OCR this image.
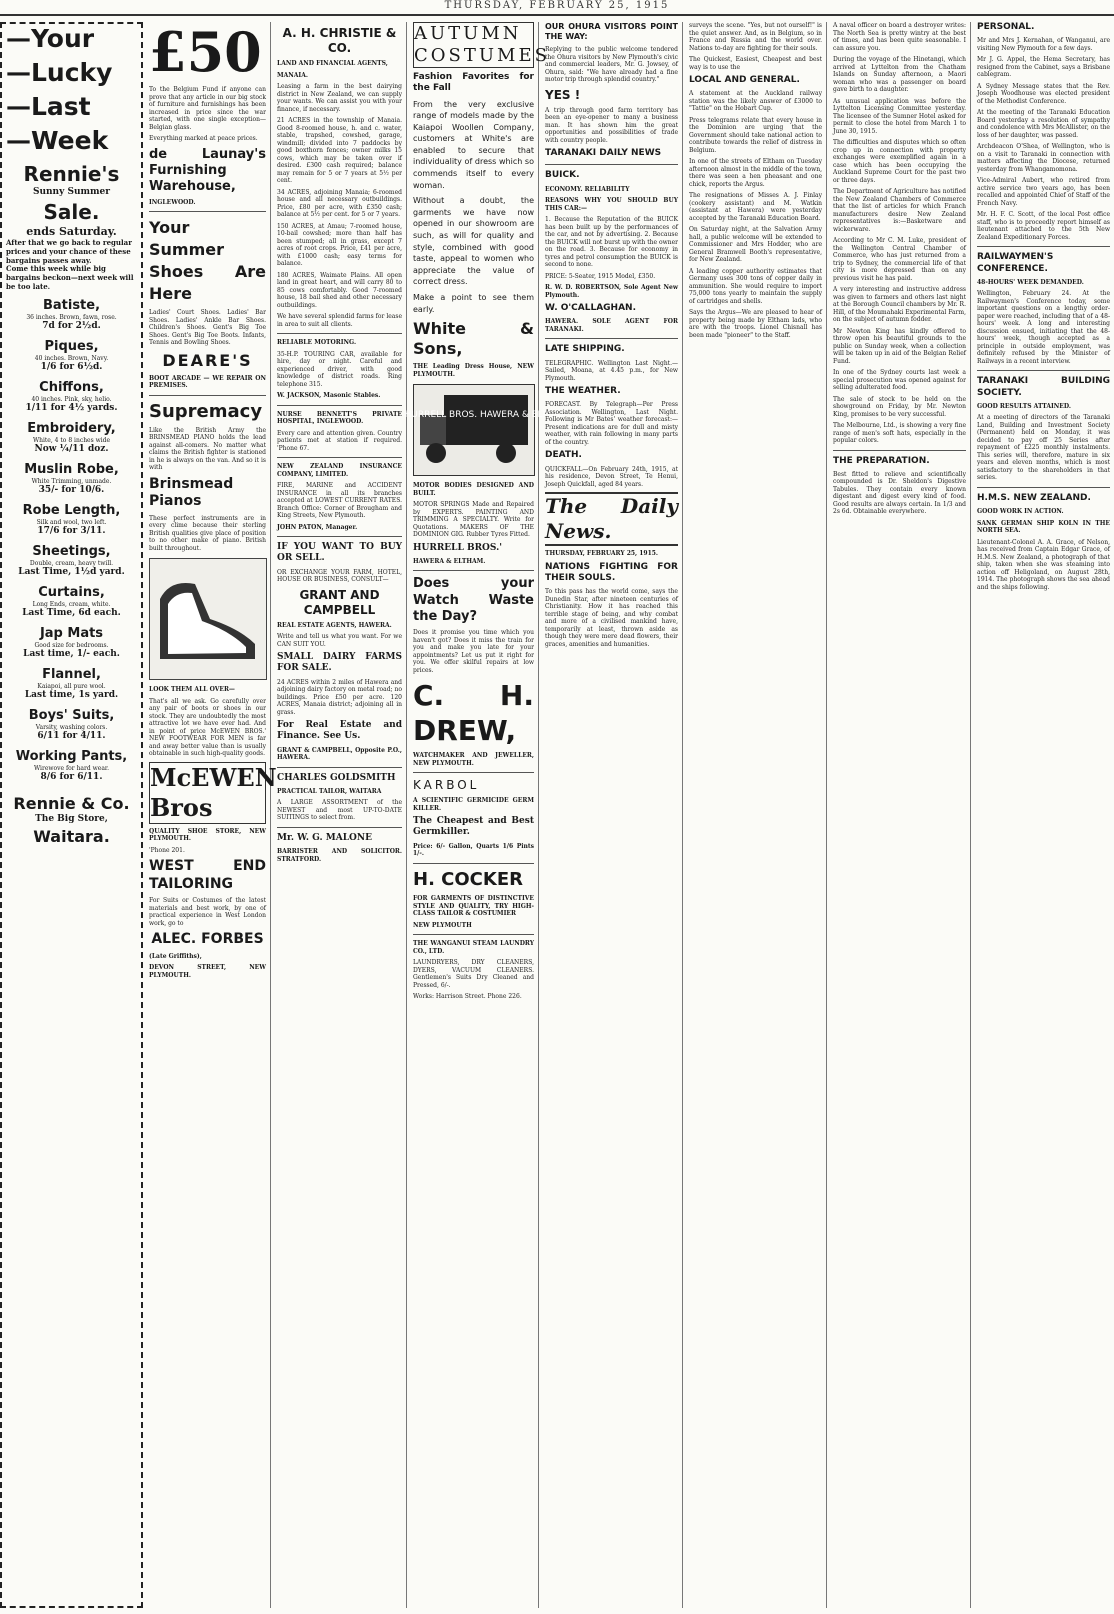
THURSDAY, FEBRUARY 25, 1915

—Your

—Lucky

—Last

—Week

Rennie's

Sunny Summer

Sale.

ends Saturday.

After that we go back to regular prices and your chance of these bargains passes away.

Come this week while big bargains beckon—next week will be too late.

Batiste,

36 inches. Brown, fawn, rose.

7d for 2½d.

Piques,

40 inches. Brown, Navy.

1/6 for 6½d.

Chiffons,

40 inches. Pink, sky, helio.

1/11 for 4½ yards.

Embroidery,

White, 4 to 8 inches wide

Now ¼/11 doz.

Muslin Robe,

White Trimming, unmade.

35/- for 10/6.

Robe Length,

Silk and wool, two left.

17/6 for 3/11.

Sheetings,

Double, cream, heavy twill.

Last Time, 1½d yard.

Curtains,

Long Ends, cream, white.

Last Time, 6d each.

Jap Mats

Good size for bedrooms.

Last time, 1/- each.

Flannel,

Kaiapoi, all pure wool.

Last time, 1s yard.

Boys' Suits,

Varsity, washing colors.

6/11 for 4/11.

Working Pants,

Wirewove for hard wear.

8/6 for 6/11.

Rennie & Co.

The Big Store,

Waitara.

£50

To the Belgium Fund if anyone can prove that any article in our big stock of furniture and furnishings has been increased in price since the war started, with one single exception—Belgian glass.

Everything marked at peace prices.

de Launay's Furnishing Warehouse,

INGLEWOOD.

Your Summer Shoes Are Here

Ladies' Court Shoes. Ladies' Bar Shoes. Ladies' Ankle Bar Shoes. Children's Shoes. Gent's Big Toe Shoes. Gent's Big Toe Boots. Infants, Tennis and Bowling Shoes.

DEARE'S

BOOT ARCADE — WE REPAIR ON PREMISES.

Supremacy

Like the British Army the BRINSMEAD PIANO holds the lead against all-comers. No matter what claims the British fighter is stationed in he is always on the van. And so it is with

Brinsmead Pianos

These perfect instruments are in every clime because their sterling British qualities give place of position to no other make of piano. British built throughout.

LOOK THEM ALL OVER—

That's all we ask. Go carefully over any pair of boots or shoes in our stock. They are undoubtedly the most attractive lot we have ever had. And in point of price McEWEN BROS.' NEW FOOTWEAR FOR MEN is far and away better value than is usually obtainable in such high-quality goods.

McEWEN Bros

QUALITY SHOE STORE, NEW PLYMOUTH.

'Phone 201.

WEST END TAILORING

For Suits or Costumes of the latest materials and best work, by one of practical experience in West London work, go to

ALEC. FORBES

(Late Griffiths),

DEVON STREET, NEW PLYMOUTH.

A. H. CHRISTIE & CO.

LAND AND FINANCIAL AGENTS,

MANAIA.

Leasing a farm in the best dairying district in New Zealand, we can supply your wants. We can assist you with your finance, if necessary.

21 ACRES in the township of Manaia. Good 8-roomed house, h. and c. water, stable, trapshed, cowshed, garage, windmill; divided into 7 paddocks by good boxthorn fences; owner milks 15 cows, which may be taken over if desired. £300 cash required; balance may remain for 5 or 7 years at 5½ per cent.

34 ACRES, adjoining Manaia; 6-roomed house and all necessary outbuildings. Price, £80 per acre, with £350 cash; balance at 5½ per cent. for 5 or 7 years.

150 ACRES, at Amau; 7-roomed house, 10-bail cowshed; more than half has been stumped; all in grass, except 7 acres of root crops. Price, £41 per acre, with £1000 cash; easy terms for balance.

180 ACRES, Waimate Plains. All open land in great heart, and will carry 80 to 85 cows comfortably. Good 7-roomed house, 18 bail shed and other necessary outbuildings.

We have several splendid farms for lease in area to suit all clients.

RELIABLE MOTORING.

35-H.P. TOURING CAR, available for hire, day or night. Careful and experienced driver, with good knowledge of district roads. Ring telephone 315.

W. JACKSON, Masonic Stables.

NURSE BENNETT'S PRIVATE HOSPITAL, INGLEWOOD.

Every care and attention given. Country patients met at station if required. 'Phone 67.

NEW ZEALAND INSURANCE COMPANY, LIMITED.

FIRE, MARINE and ACCIDENT INSURANCE in all its branches accepted at LOWEST CURRENT RATES. Branch Office: Corner of Brougham and King Streets, New Plymouth.

JOHN PATON, Manager.

IF YOU WANT TO BUY OR SELL.

OR EXCHANGE YOUR FARM, HOTEL, HOUSE OR BUSINESS, CONSULT—

GRANT AND CAMPBELL

REAL ESTATE AGENTS, HAWERA.

Write and tell us what you want. For we CAN SUIT YOU.

SMALL DAIRY FARMS FOR SALE.

24 ACRES within 2 miles of Hawera and adjoining dairy factory on metal road; no buildings. Price £50 per acre. 120 ACRES, Manaia district; adjoining all in grass.

For Real Estate and Finance. See Us.

GRANT & CAMPBELL, Opposite P.O., HAWERA.

CHARLES GOLDSMITH

PRACTICAL TAILOR, WAITARA

A LARGE ASSORTMENT of the NEWEST and most UP-TO-DATE SUITINGS to select from.

Mr. W. G. MALONE

BARRISTER AND SOLICITOR. STRATFORD.

AUTUMN COSTUMES

Fashion Favorites for the Fall

From the very exclusive range of models made by the Kaiapoi Woollen Company, customers at White's are enabled to secure that individuality of dress which so commends itself to every woman.

Without a doubt, the garments we have now opened in our showroom are such, as will for quality and style, combined with good taste, appeal to women who appreciate the value of correct dress.

Make a point to see them early.

White & Sons,

THE Leading Dress House, NEW PLYMOUTH.

HURRELL BROS. HAWERA & ELTHAM

MOTOR BODIES DESIGNED AND BUILT.

MOTOR SPRINGS Made and Repaired by EXPERTS. PAINTING AND TRIMMING A SPECIALTY. Write for Quotations. MAKERS OF THE DOMINION GIG. Rubber Tyres Fitted.

HURRELL BROS.'

HAWERA & ELTHAM.

Does your Watch Waste the Day?

Does it promise you time which you haven't got? Does it miss the train for you and make you late for your appointments? Let us put it right for you. We offer skilful repairs at low prices.

C. H. DREW,

WATCHMAKER AND JEWELLER, NEW PLYMOUTH.

KARBOL

A SCIENTIFIC GERMICIDE GERM KILLER.

The Cheapest and Best Germkiller.

Price: 6/- Gallon, Quarts 1/6 Pints 1/-.

H. COCKER

FOR GARMENTS OF DISTINCTIVE STYLE AND QUALITY, TRY HIGH-CLASS TAILOR & COSTUMIER

NEW PLYMOUTH

THE WANGANUI STEAM LAUNDRY CO., LTD.

LAUNDRYERS, DRY CLEANERS, DYERS, VACUUM CLEANERS. Gentlemen's Suits Dry Cleaned and Pressed, 6/-.

Works: Harrison Street. Phone 226.

OUR OHURA VISITORS POINT THE WAY:

Replying to the public welcome tendered the Ohura visitors by New Plymouth's civic and commercial leaders, Mr. G. Jowsey, of Ohura, said: "We have already had a fine motor trip through splendid country."

YES !

A trip through good farm territory has been an eye-opener to many a business man. It has shown him the great opportunities and possibilities of trade with country people.

TARANAKI DAILY NEWS

BUICK.

ECONOMY. RELIABILITY

REASONS WHY YOU SHOULD BUY THIS CAR:—

1. Because the Reputation of the BUICK has been built up by the performances of the car, and not by advertising. 2. Because the BUICK will not burst up with the owner on the road. 3. Because for economy in tyres and petrol consumption the BUICK is second to none.

PRICE: 5-Seater, 1915 Model, £350.

R. W. D. ROBERTSON, Sole Agent New Plymouth.

W. O'CALLAGHAN.

HAWERA. SOLE AGENT FOR TARANAKI.

LATE SHIPPING.

TELEGRAPHIC. Wellington Last Night.—Sailed, Moana, at 4.45 p.m., for New Plymouth.

THE WEATHER.

FORECAST. By Telegraph—Per Press Association. Wellington, Last Night. Following is Mr Bates' weather forecast:— Present indications are for dull and misty weather, with rain following in many parts of the country.

DEATH.

QUICKFALL—On February 24th, 1915, at his residence, Devon Street, Te Henui, Joseph Quickfall, aged 84 years.

The Daily News.

THURSDAY, FEBRUARY 25, 1915.

NATIONS FIGHTING FOR THEIR SOULS.

To this pass has the world come, says the Dunedin Star, after nineteen centuries of Christianity. How it has reached this terrible stage of being, and why combat and more of a civilised mankind have, temporarily at least, thrown aside as though they were mere dead flowers, their graces, amenities and humanities.

surveys the scene. "Yes, but not ourself!" is the quiet answer. And, as in Belgium, so in France and Russia and the world over. Nations to-day are fighting for their souls.

The Quickest, Easiest, Cheapest and best way is to use the

LOCAL AND GENERAL.

A statement at the Auckland railway station was the likely answer of £3000 to "Tattie" on the Hobart Cup.

Press telegrams relate that every house in the Dominion are urging that the Government should take national action to contribute towards the relief of distress in Belgium.

In one of the streets of Eltham on Tuesday afternoon almost in the middle of the town, there was seen a hen pheasant and one chick, reports the Argus.

The resignations of Misses A. J. Finlay (cookery assistant) and M. Watkin (assistant at Hawera) were yesterday accepted by the Taranaki Education Board.

On Saturday night, at the Salvation Army hall, a public welcome will be extended to Commissioner and Mrs Hodder, who are General Bramwell Booth's representative, for New Zealand.

A leading copper authority estimates that Germany uses 300 tons of copper daily in ammunition. She would require to import 75,000 tons yearly to maintain the supply of cartridges and shells.

Says the Argus—We are pleased to hear of property being made by Eltham lads, who are with the troops. Lionel Chisnall has been made "pioneer" to the Staff.

A naval officer on board a destroyer writes: The North Sea is pretty wintry at the best of times, and has been quite seasonable. I can assure you.

During the voyage of the Hinetangi, which arrived at Lyttelton from the Chatham Islands on Sunday afternoon, a Maori woman who was a passenger on board gave birth to a daughter.

As unusual application was before the Lyttelton Licensing Committee yesterday. The licensee of the Sumner Hotel asked for permit to close the hotel from March 1 to June 30, 1915.

The difficulties and disputes which so often crop up in connection with property exchanges were exemplified again in a case which has been occupying the Auckland Supreme Court for the past two or three days.

The Department of Agriculture has notified the New Zealand Chambers of Commerce that the list of articles for which Franch manufacturers desire New Zealand representatives is:—Basketware and wickerware.

According to Mr C. M. Luke, president of the Wellington Central Chamber of Commerce, who has just returned from a trip to Sydney, the commercial life of that city is more depressed than on any previous visit he has paid.

A very interesting and instructive address was given to farmers and others last night at the Borough Council chambers by Mr. R. Hill, of the Moumahaki Experimental Farm, on the subject of autumn fodder.

Mr Newton King has kindly offered to throw open his beautiful grounds to the public on Sunday week, when a collection will be taken up in aid of the Belgian Relief Fund.

In one of the Sydney courts last week a special prosecution was opened against for selling adulterated food.

The sale of stock to be held on the showground on Friday, by Mr. Newton King, promises to be very successful.

The Melbourne, Ltd., is showing a very fine range of men's soft hats, especially in the popular colors.

THE PREPARATION.

Best fitted to relieve and scientifically compounded is Dr. Sheldon's Digestive Tabules. They contain every known digestant and digest every kind of food. Good results are always certain. In 1/3 and 2s 6d. Obtainable everywhere.

PERSONAL.

Mr and Mrs J. Kernahan, of Wanganui, are visiting New Plymouth for a few days.

Mr J. G. Appel, the Hema Secretary, has resigned from the Cabinet, says a Brisbane cablegram.

A Sydney Message states that the Rev. Joseph Woodhouse was elected president of the Methodist Conference.

At the meeting of the Taranaki Education Board yesterday a resolution of sympathy and condolence with Mrs McAllister, on the loss of her daughter, was passed.

Archdeacon O'Shea, of Wellington, who is on a visit to Taranaki in connection with matters affecting the Diocese, returned yesterday from Whangamomona.

Vice-Admiral Aubert, who retired from active service two years ago, has been recalled and appointed Chief of Staff of the French Navy.

Mr. H. F. C. Scott, of the local Post office staff, who is to proceedly report himself as lieutenant attached to the 5th New Zealand Expeditionary Forces.

RAILWAYMEN'S CONFERENCE.

48-HOURS' WEEK DEMANDED.

Wellington, February 24. At the Railwaymen's Conference today, some important questions on a lengthy order-paper were reached, including that of a 48-hours' week. A long and interesting discussion ensued, initiating that the 48-hours' week, though accepted as a principle in outside employment, was definitely refused by the Minister of Railways in a recent interview.

TARANAKI BUILDING SOCIETY.

GOOD RESULTS ATTAINED.

At a meeting of directors of the Taranaki Land, Building and Investment Society (Permanent) held on Monday, it was decided to pay off 25 Series after repayment of £225 monthly instalments. This series will, therefore, mature in six years and eleven months, which is most satisfactory to the shareholders in that series.

H.M.S. NEW ZEALAND.

GOOD WORK IN ACTION.

SANK GERMAN SHIP KOLN IN THE NORTH SEA.

Lieutenant-Colonel A. A. Grace, of Nelson, has received from Captain Edgar Grace, of H.M.S. New Zealand, a photograph of that ship, taken when she was steaming into action off Heligoland, on August 28th, 1914. The photograph shows the sea ahead and the ships following.
